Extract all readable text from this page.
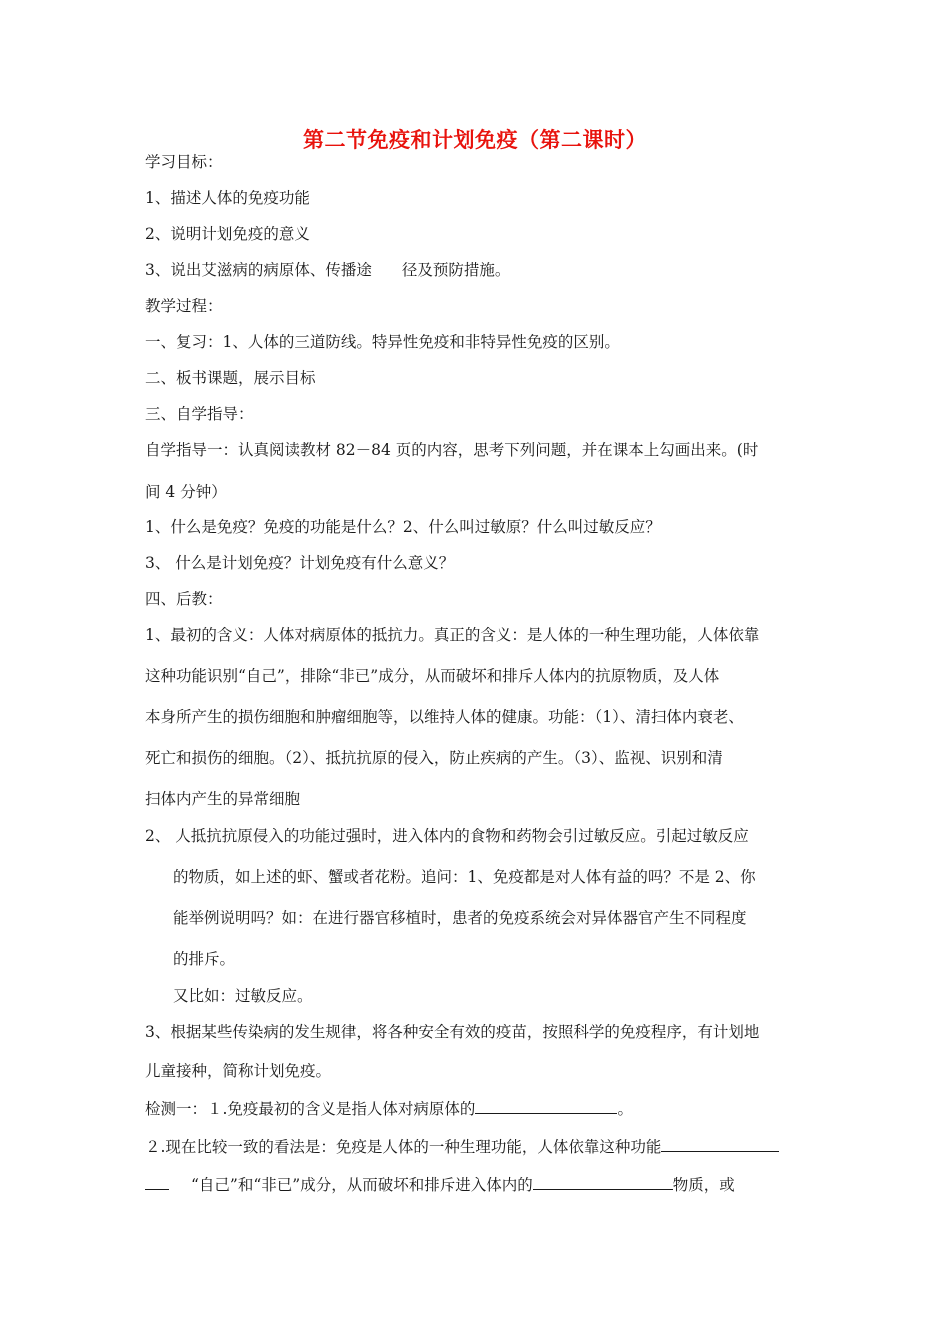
第二节免疫和计划免疫（第二课时）
学习目标：
1、描述人体的免疫功能
2、说明计划免疫的意义
3、说出艾滋病的病原体、传播途 径及预防措施。
教学过程：
一、复习：1、人体的三道防线。特异性免疫和非特异性免疫的区别。
二、板书课题，展示目标
三、自学指导：
自学指导一：认真阅读教材 82－84 页的内容，思考下列问题，并在课本上勾画出来。(时
间 4 分钟）
1、什么是免疫？免疫的功能是什么？2、什么叫过敏原？什么叫过敏反应？
3、 什么是计划免疫？计划免疫有什么意义？
四、后教：
1、最初的含义：人体对病原体的抵抗力。真正的含义：是人体的一种生理功能，人体依靠
这种功能识别“自己”，排除“非已”成分，从而破坏和排斥人体内的抗原物质，及人体
本身所产生的损伤细胞和肿瘤细胞等，以维持人体的健康。功能：（1）、清扫体内衰老、
死亡和损伤的细胞。（2）、抵抗抗原的侵入，防止疾病的产生。（3）、监视、识别和清
扫体内产生的异常细胞
2、 人抵抗抗原侵入的功能过强时，进入体内的食物和药物会引过敏反应。引起过敏反应
的物质，如上述的虾、蟹或者花粉。追问：1、免疫都是对人体有益的吗？不是 2、你
能举例说明吗？如：在进行器官移植时，患者的免疫系统会对异体器官产生不同程度
的排斥。
又比如：过敏反应。
3、根据某些传染病的发生规律，将各种安全有效的疫苗，按照科学的免疫程序，有计划地
儿童接种，简称计划免疫。
检测一：１.免疫最初的含义是指人体对病原体的	。
２.现在比较一致的看法是：免疫是人体的一种生理功能，人体依靠这种功能
“自己”和“非已”成分，从而破坏和排斥进入体内的	物质，或
